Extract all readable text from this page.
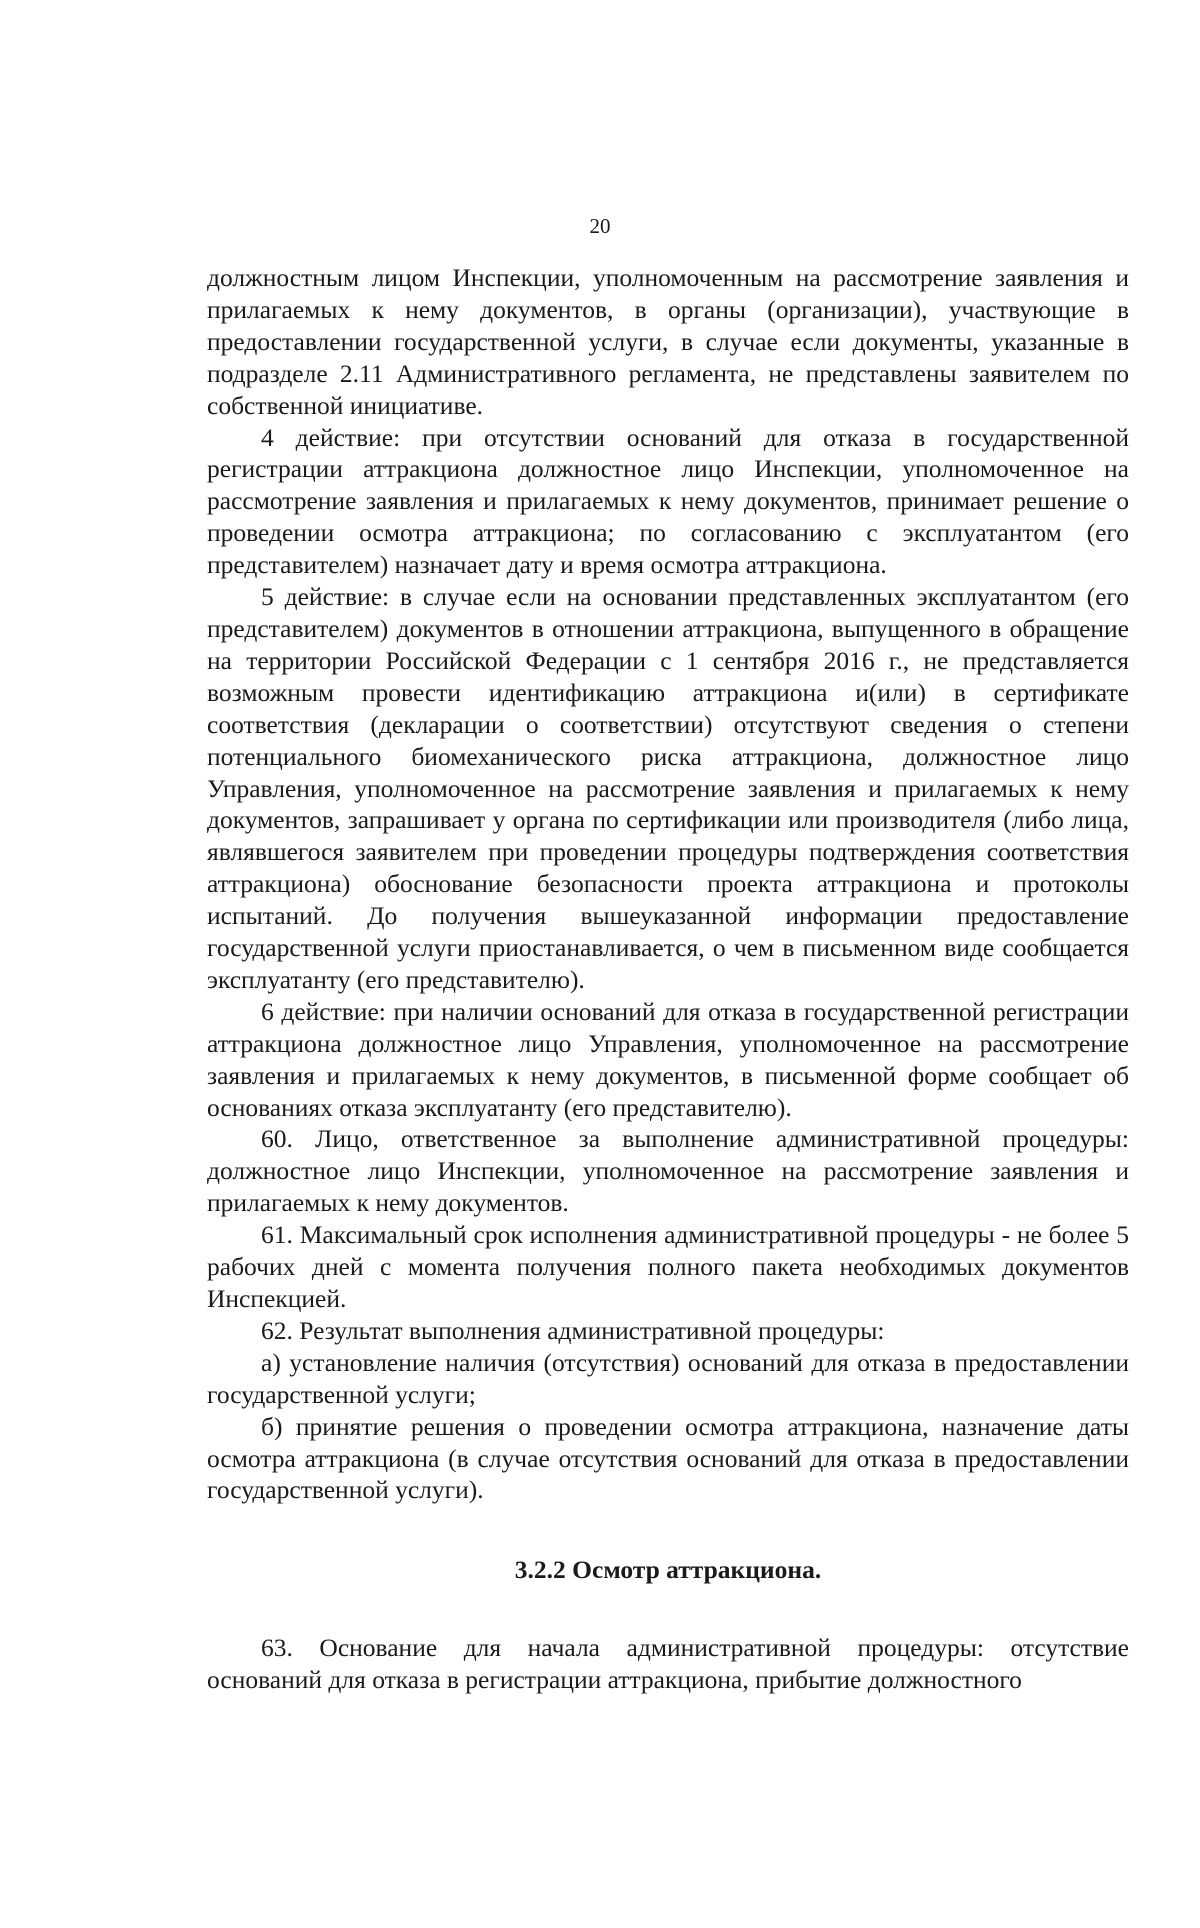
20

должностным лицом Инспекции, уполномоченным на рассмотрение заявления и прилагаемых к нему документов, в органы (организации), участвующие в предоставлении государственной услуги, в случае если документы, указанные в подразделе 2.11 Административного регламента, не представлены заявителем по собственной инициативе.

4 действие: при отсутствии оснований для отказа в государственной регистрации аттракциона должностное лицо Инспекции, уполномоченное на рассмотрение заявления и прилагаемых к нему документов, принимает решение о проведении осмотра аттракциона; по согласованию с эксплуатантом (его представителем) назначает дату и время осмотра аттракциона.

5 действие: в случае если на основании представленных эксплуатантом (его представителем) документов в отношении аттракциона, выпущенного в обращение на территории Российской Федерации с 1 сентября 2016 г., не представляется возможным провести идентификацию аттракциона и(или) в сертификате соответствия (декларации о соответствии) отсутствуют сведения о степени потенциального биомеханического риска аттракциона, должностное лицо Управления, уполномоченное на рассмотрение заявления и прилагаемых к нему документов, запрашивает у органа по сертификации или производителя (либо лица, являвшегося заявителем при проведении процедуры подтверждения соответствия аттракциона) обоснование безопасности проекта аттракциона и протоколы испытаний. До получения вышеуказанной информации предоставление государственной услуги приостанавливается, о чем в письменном виде сообщается эксплуатанту (его представителю).

6 действие: при наличии оснований для отказа в государственной регистрации аттракциона должностное лицо Управления, уполномоченное на рассмотрение заявления и прилагаемых к нему документов, в письменной форме сообщает об основаниях отказа эксплуатанту (его представителю).

60. Лицо, ответственное за выполнение административной процедуры: должностное лицо Инспекции, уполномоченное на рассмотрение заявления и прилагаемых к нему документов.

61. Максимальный срок исполнения административной процедуры - не более 5 рабочих дней с момента получения полного пакета необходимых документов Инспекцией.

62. Результат выполнения административной процедуры:

а) установление наличия (отсутствия) оснований для отказа в предоставлении государственной услуги;

б) принятие решения о проведении осмотра аттракциона, назначение даты осмотра аттракциона (в случае отсутствия оснований для отказа в предоставлении государственной услуги).

3.2.2 Осмотр аттракциона.

63. Основание для начала административной процедуры: отсутствие оснований для отказа в регистрации аттракциона, прибытие должностного
